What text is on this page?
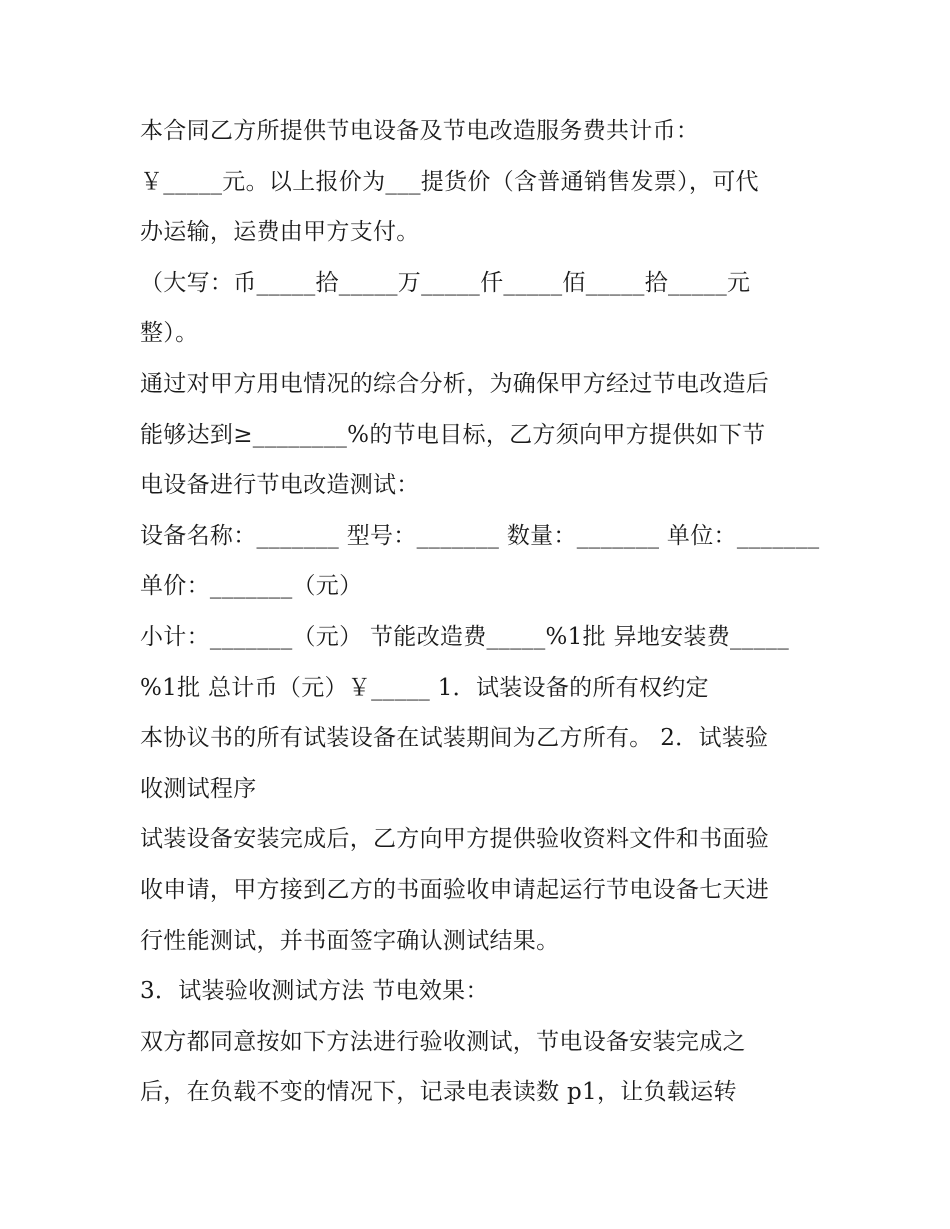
本合同乙方所提供节电设备及节电改造服务费共计币：
￥_____元。以上报价为___提货价（含普通销售发票），可代
办运输，运费由甲方支付。
（大写：币_____拾_____万_____仟_____佰_____拾_____元
整）。
通过对甲方用电情况的综合分析，为确保甲方经过节电改造后
能够达到≥________%的节电目标，乙方须向甲方提供如下节
电设备进行节电改造测试：
设备名称：_______ 型号：_______ 数量：_______ 单位：_______
单价：_______（元）
小计：_______（元） 节能改造费_____%1批 异地安装费_____
%1批 总计币（元）￥_____ 1．试装设备的所有权约定
本协议书的所有试装设备在试装期间为乙方所有。 2．试装验
收测试程序
试装设备安装完成后，乙方向甲方提供验收资料文件和书面验
收申请，甲方接到乙方的书面验收申请起运行节电设备七天进
行性能测试，并书面签字确认测试结果。
3．试装验收测试方法 节电效果：
双方都同意按如下方法进行验收测试，节电设备安装完成之
后，在负载不变的情况下，记录电表读数 p1，让负载运转
